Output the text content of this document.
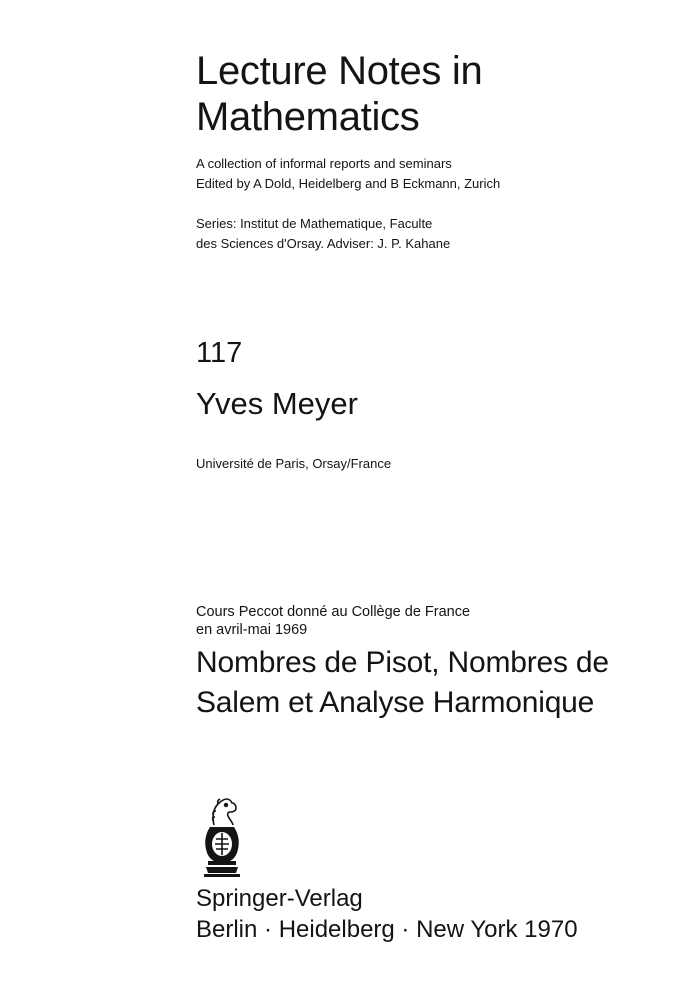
Lecture Notes in
Mathematics
A collection of informal reports and seminars
Edited by A Dold, Heidelberg and B Eckmann, Zurich
Series: Institut de Mathematique, Faculte
des Sciences d'Orsay. Adviser: J. P. Kahane
117
Yves Meyer
Université de Paris, Orsay/France
Cours Peccot donné au Collège de France
en avril-mai 1969
Nombres de Pisot, Nombres de
Salem et Analyse Harmonique
Springer-Verlag
Berlin · Heidelberg · New York 1970
